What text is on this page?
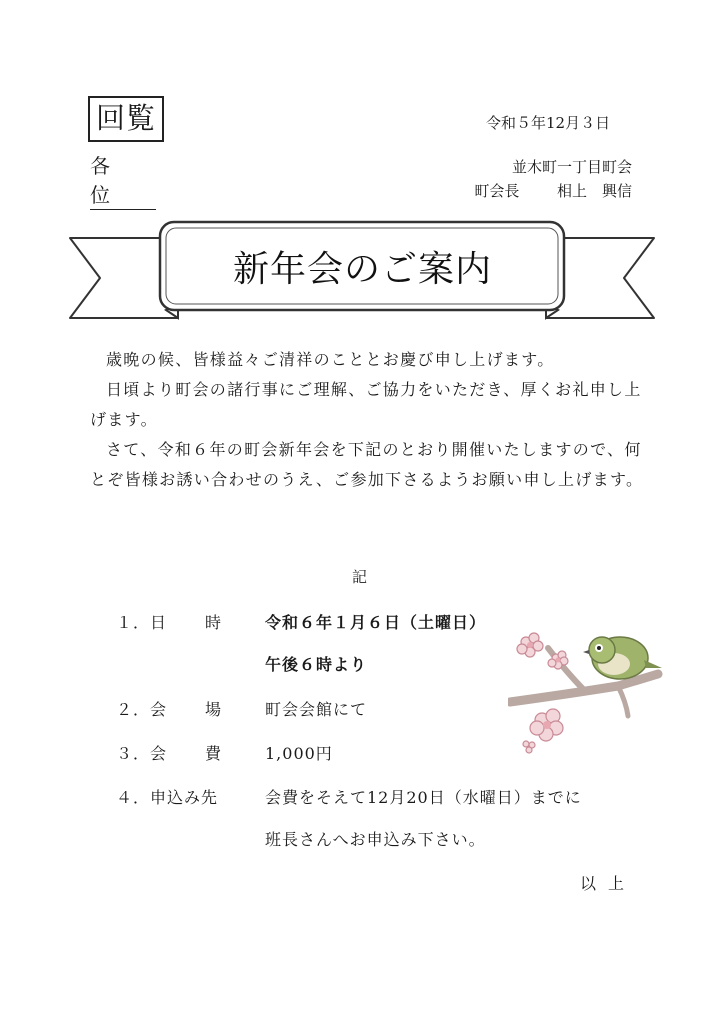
回覧
各　位
令和５年12月３日
並木町一丁目町会
町会長	相上　興信
新年会のご案内

歳晩の候、皆様益々ご清祥のこととお慶び申し上げます。

日頃より町会の諸行事にご理解、ご協力をいただき、厚くお礼申し上げます。

さて、令和６年の町会新年会を下記のとおり開催いたしますので、何とぞ皆様お誘い合わせのうえ、ご参加下さるようお願い申し上げます。

記
１． 日 時	令和６年１月６日（土曜日）
午後６時より
２． 会 場	町会会館にて
３． 会 費	1,000円
４． 申込み先	会費をそえて12月20日（水曜日）までに
班長さんへお申込み下さい。
以上
